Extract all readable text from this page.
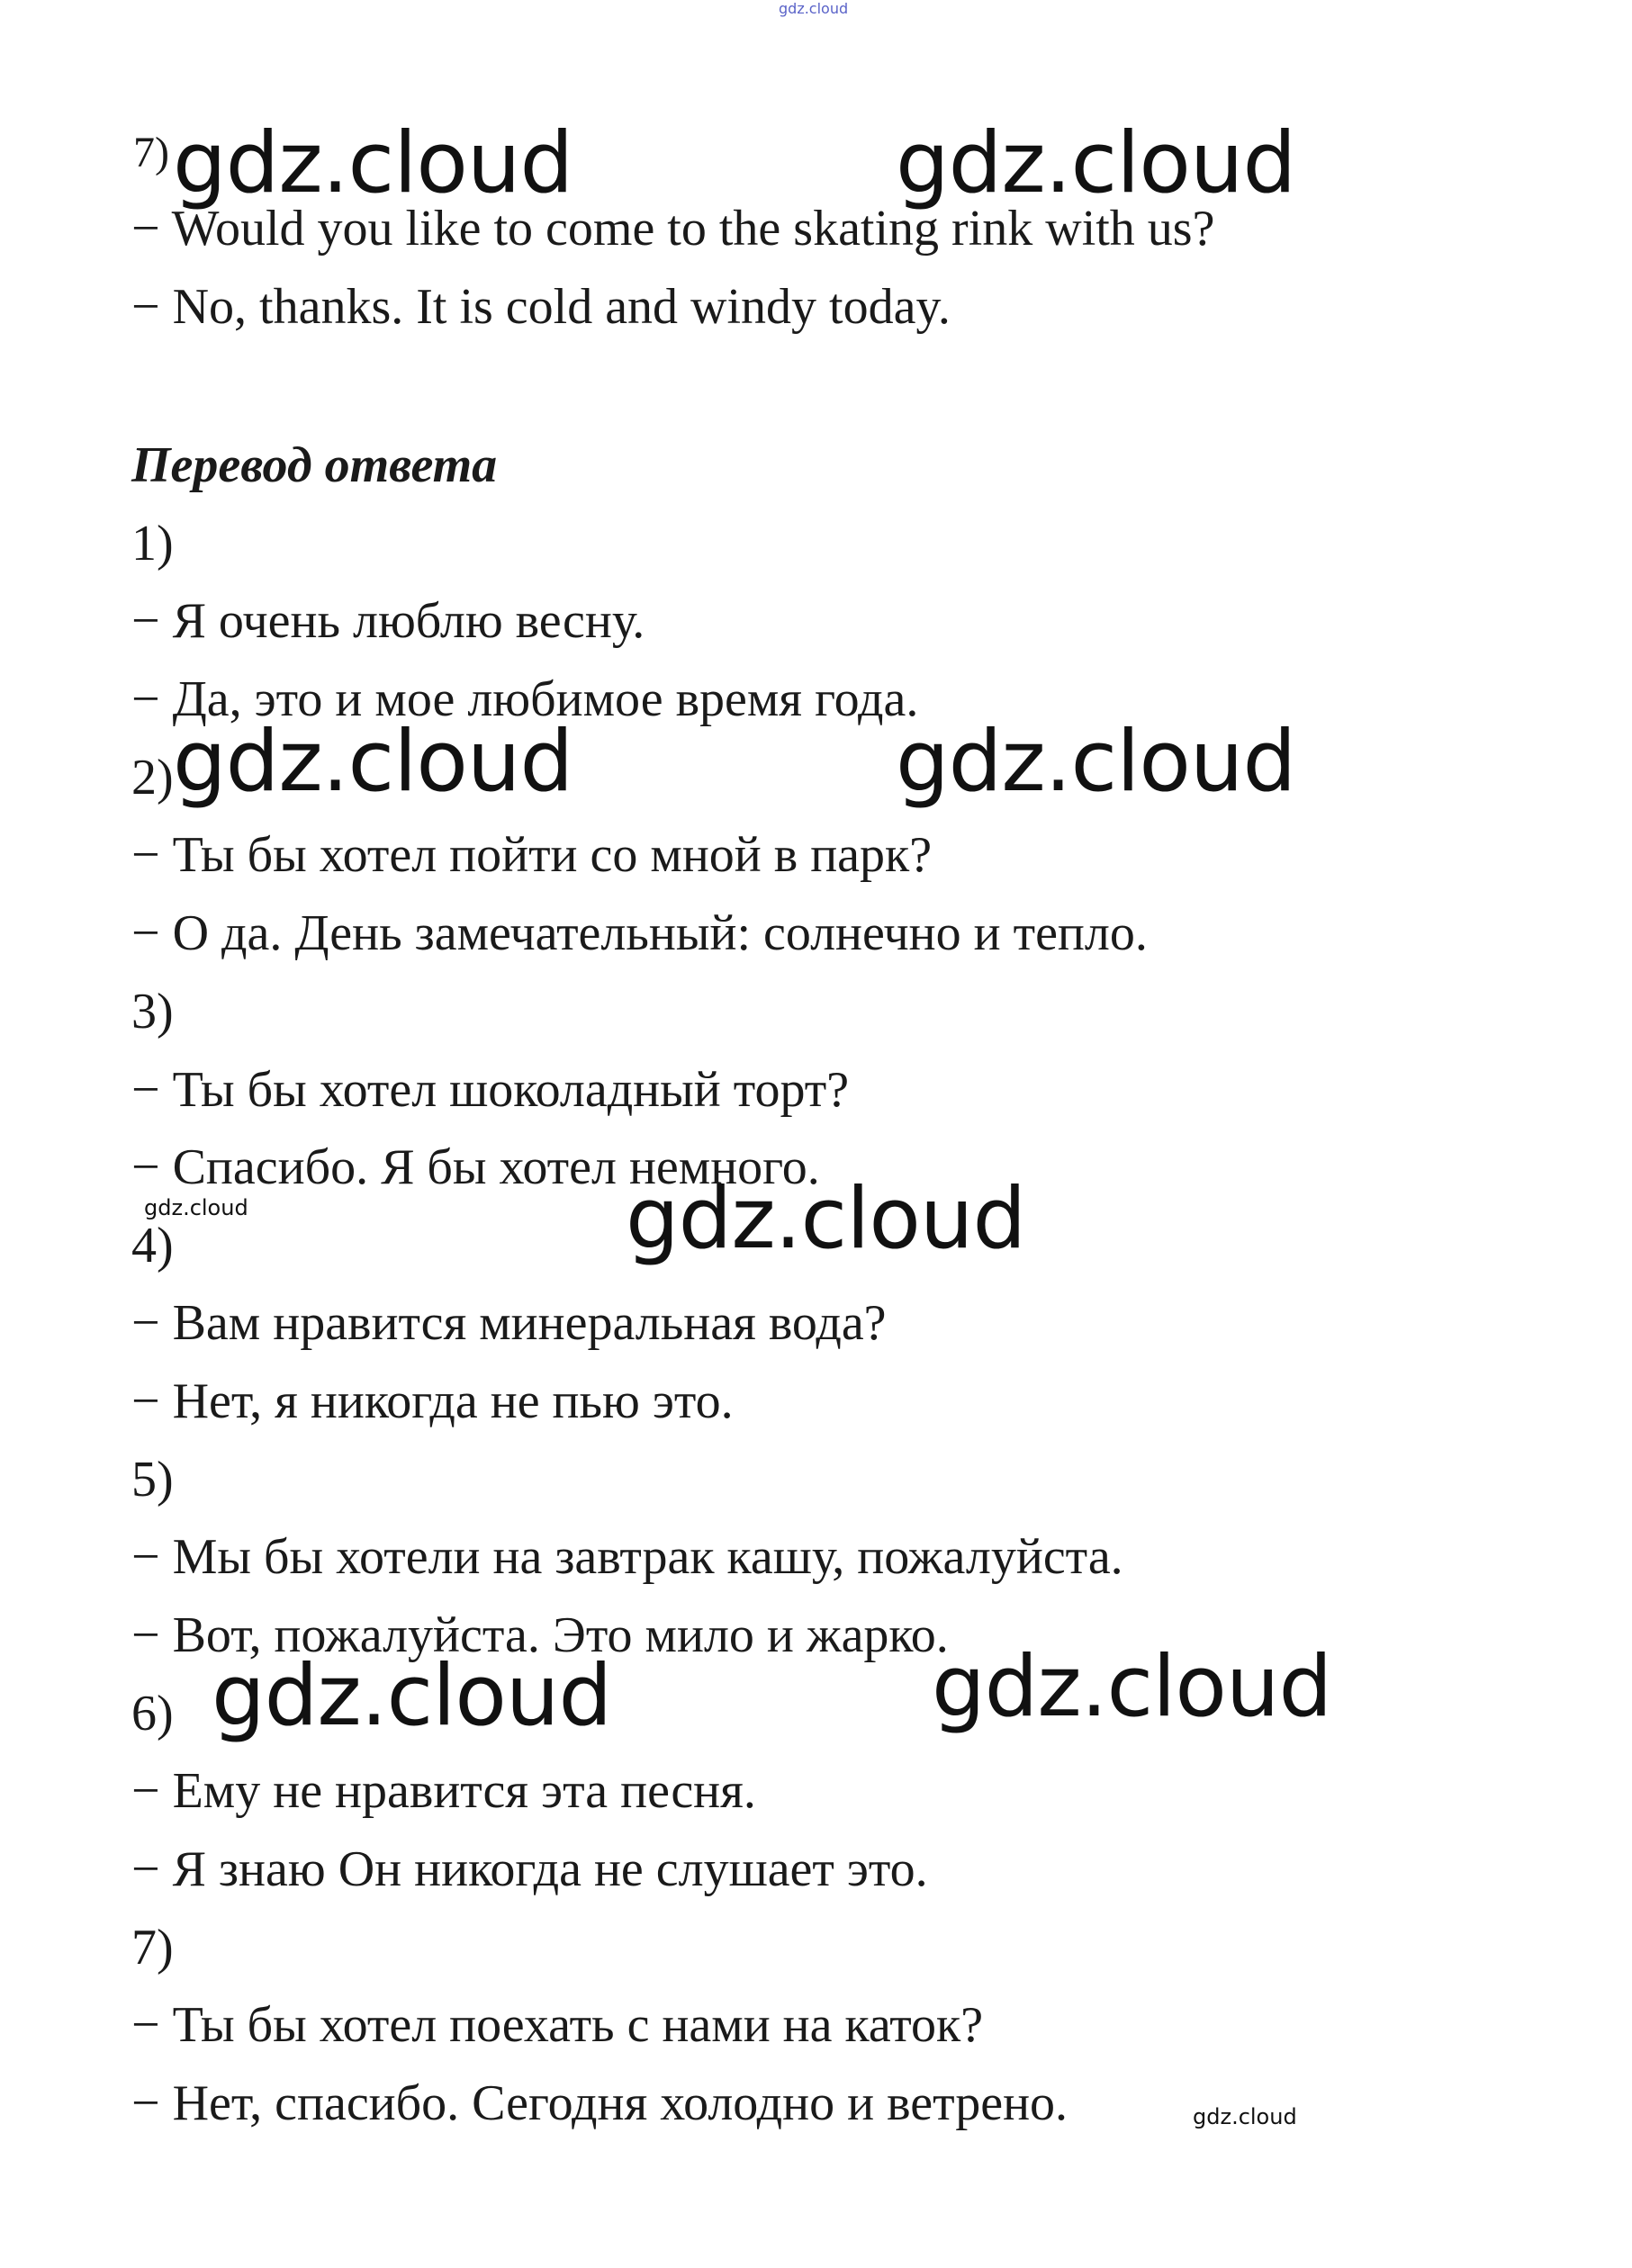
gdz.cloud
7) gdz.cloud	gdz.cloud
− Would you like to come to the skating rink with us?
− No, thanks. It is cold and windy today.
Перевод ответа
1)
− Я очень люблю весну.
− Да, это и мое любимое время года.
2) gdz.cloud	gdz.cloud
− Ты бы хотел пойти со мной в парк?
− О да. День замечательный: солнечно и тепло.
3)
− Ты бы хотел шоколадный торт?
− Спасибо. Я бы хотел немного.
gdz.cloud	gdz.cloud
4)
− Вам нравится минеральная вода?
− Нет, я никогда не пью это.
5)
− Мы бы хотели на завтрак кашу, пожалуйста.
− Вот, пожалуйста. Это мило и жарко.
6) gdz.cloud	gdz.cloud
− Ему не нравится эта песня.
− Я знаю Он никогда не слушает это.
7)
− Ты бы хотел поехать с нами на каток?
− Нет, спасибо. Сегодня холодно и ветрено.	gdz.cloud
